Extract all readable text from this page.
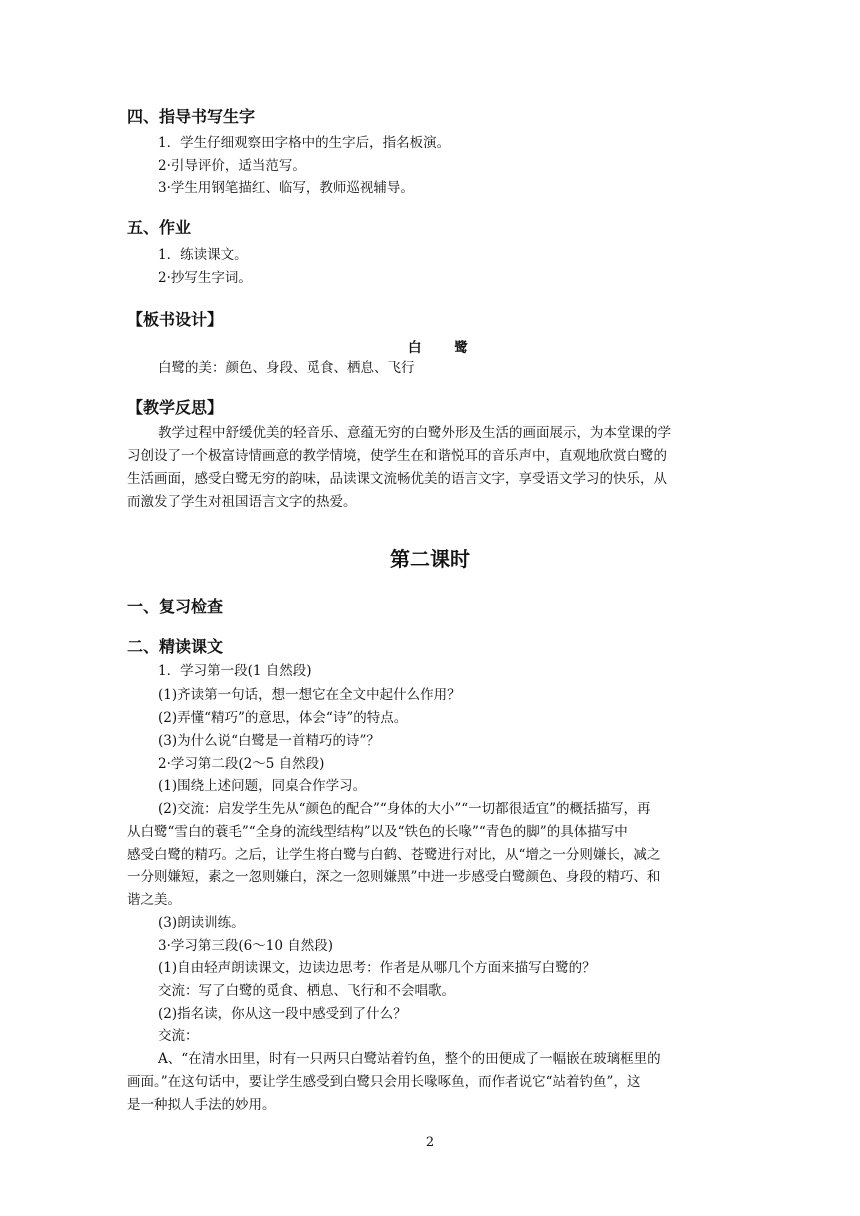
四、指导书写生字
1．学生仔细观察田字格中的生字后，指名板演。
2·引导评价，适当范写。
3·学生用钢笔描红、临写，教师巡视辅导。
五、作业
1．练读课文。
2·抄写生字词。
【板书设计】
白 鹭
白鹭的美：颜色、身段、觅食、栖息、飞行
【教学反思】
教学过程中舒缓优美的轻音乐、意蕴无穷的白鹭外形及生活的画面展示，为本堂课的学
习创设了一个极富诗情画意的教学情境，使学生在和谐悦耳的音乐声中，直观地欣赏白鹭的
生活画面，感受白鹭无穷的韵味，品读课文流畅优美的语言文字，享受语文学习的快乐，从
而激发了学生对祖国语言文字的热爱。
第二课时
一、复习检查
二、精读课文
1．学习第一段(1 自然段)
(1)齐读第一句话，想一想它在全文中起什么作用？
(2)弄懂“精巧”的意思，体会“诗”的特点。
(3)为什么说“白鹭是一首精巧的诗”？
2·学习第二段(2～5 自然段)
(1)围绕上述问题，同桌合作学习。
(2)交流：启发学生先从“颜色的配合”“身体的大小”“一切都很适宜”的概括描写，再
从白鹭“雪白的蓑毛”“全身的流线型结构”以及“铁色的长喙”“青色的脚”的具体描写中
感受白鹭的精巧。之后，让学生将白鹭与白鹤、苍鹭进行对比，从“增之一分则嫌长，减之
一分则嫌短，素之一忽则嫌白，深之一忽则嫌黑”中进一步感受白鹭颜色、身段的精巧、和
谐之美。
(3)朗读训练。
3·学习第三段(6～10 自然段)
(1)自由轻声朗读课文，边读边思考：作者是从哪几个方面来描写白鹭的？
交流：写了白鹭的觅食、栖息、飞行和不会唱歌。
(2)指名读，你从这一段中感受到了什么？
交流：
A、“在清水田里，时有一只两只白鹭站着钓鱼，整个的田便成了一幅嵌在玻璃框里的
画面。”在这句话中，要让学生感受到白鹭只会用长喙啄鱼，而作者说它“站着钓鱼”，这
是一种拟人手法的妙用。
2
